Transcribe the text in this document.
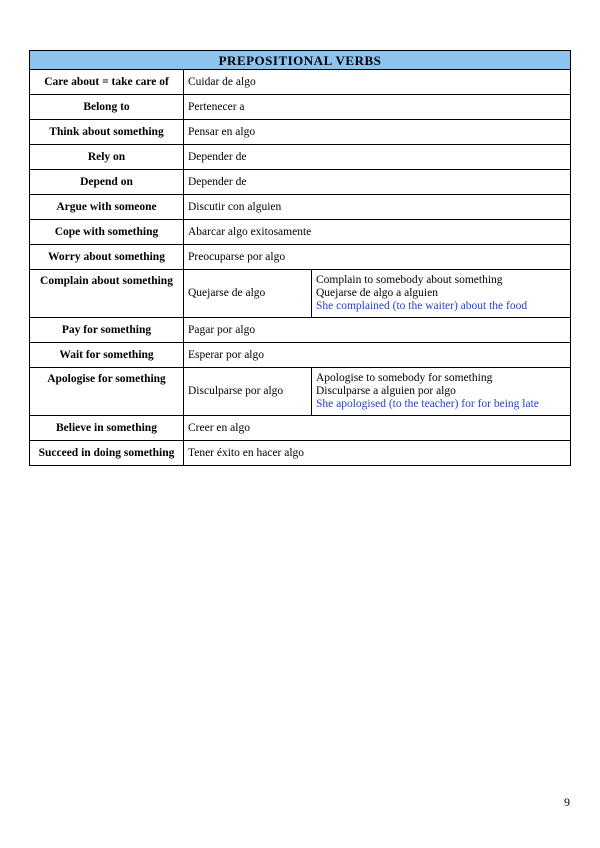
PREPOSITIONAL VERBS		
Care about = take care of	Cuidar de algo	
Belong to	Pertenecer a	
Think about something	Pensar en algo	
Rely on	Depender de	
Depend on	Depender de	
Argue with someone	Discutir con alguien	
Cope with something	Abarcar algo exitosamente	
Worry about something	Preocuparse por algo	
Complain about something	Quejarse de algo	Complain to somebody about something
Quejarse de algo a alguien
She complained (to the waiter) about the food

Pay for something	Pagar por algo	
Wait for something	Esperar por algo	
Apologise for something	Disculparse por algo	Apologise to somebody for something
Disculparse a alguien por algo
She apologised (to the teacher) for for being late

Believe in something	Creer en algo	
Succeed in doing something	Tener éxito en hacer algo	
9
